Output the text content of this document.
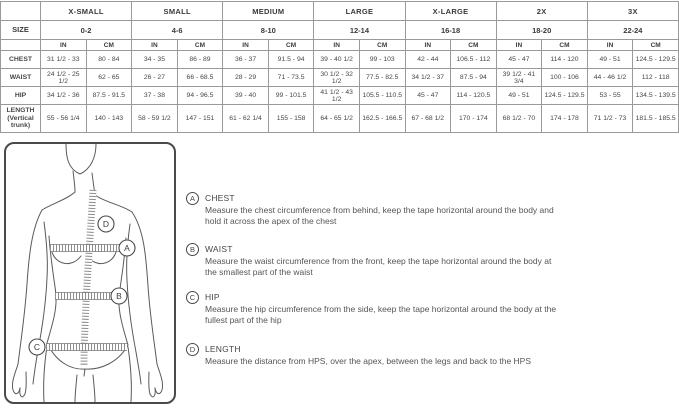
	X-SMALL		SMALL		MEDIUM		LARGE		X-LARGE		2X		3X	
SIZE	0-2		4-6		8-10		12-14		16-18		18-20		22-24	
	IN	CM	IN	CM	IN	CM	IN	CM	IN	CM	IN	CM	IN	CM
CHEST	31 1/2 - 33	80 - 84	34 - 35	86 - 89	36 - 37	91.5 - 94	39 - 40 1/2	99 - 103	42 - 44	106.5 - 112	45 - 47	114 - 120	49 - 51	124.5 - 129.5
WAIST	24 1/2 - 25 1/2	62 - 65	26 - 27	66 - 68.5	28 - 29	71 - 73.5	30 1/2 - 32 1/2	77.5 - 82.5	34 1/2 - 37	87.5 - 94	39 1/2 - 41 3/4	100 - 106	44 - 46 1/2	112 - 118
HIP	34 1/2 - 36	87.5 - 91.5	37 - 38	94 - 96.5	39 - 40	99 - 101.5	41 1/2 - 43 1/2	105.5 - 110.5	45 - 47	114 - 120.5	49 - 51	124.5 - 129.5	53 - 55	134.5 - 139.5
LENGTH (Vertical trunk)	55 - 56 1/4	140 - 143	58 - 59 1/2	147 - 151	61 - 62 1/4	155 - 158	64 - 65 1/2	162.5 - 166.5	67 - 68 1/2	170 - 174	68 1/2 - 70	174 - 178	71 1/2 - 73	181.5 - 185.5
D
A
B
C
A	CHEST
Measure the chest circumference from behind, keep the tape horizontal around the body and hold it across the apex of the chest
B	WAIST
Measure the waist circumference from the front, keep the tape horizontal around the body at the smallest part of the waist
C	HIP
Measure the hip circumference from the side, keep the tape horizontal around the body at the fullest part of the hip
D	LENGTH
Measure the distance from HPS, over the apex, between the legs and back to the HPS
